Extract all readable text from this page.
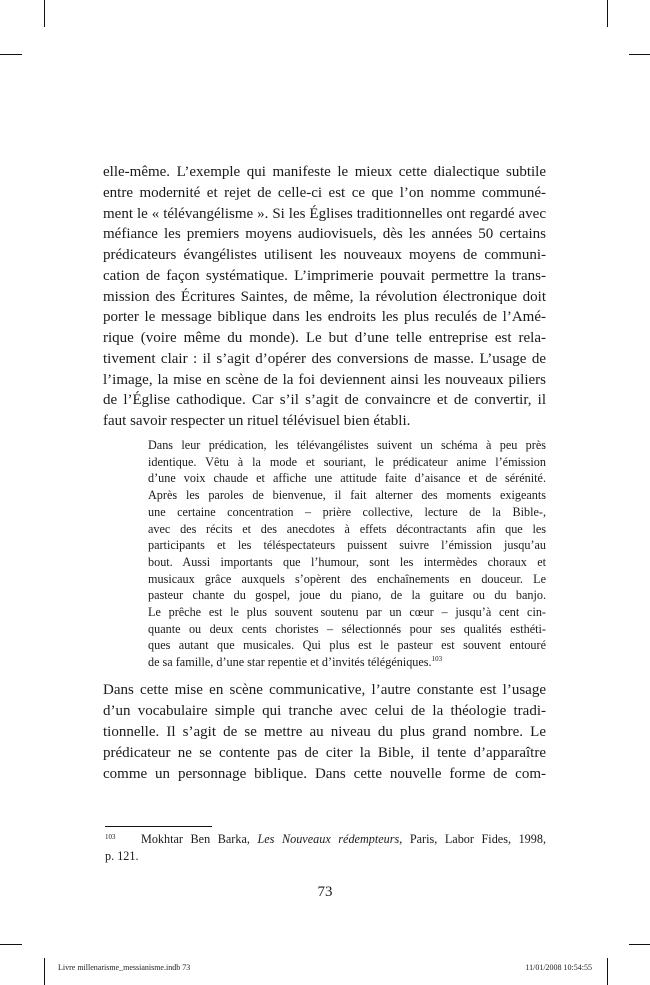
elle-même. L’exemple qui manifeste le mieux cette dialectique subtile
entre modernité et rejet de celle-ci est ce que l’on nomme communé-
ment le « télévangélisme ». Si les Églises traditionnelles ont regardé avec
méfiance les premiers moyens audiovisuels, dès les années 50 certains
prédicateurs évangélistes utilisent les nouveaux moyens de communi-
cation de façon systématique. L’imprimerie pouvait permettre la trans-
mission des Écritures Saintes, de même, la révolution électronique doit
porter le message biblique dans les endroits les plus reculés de l’Amé-
rique (voire même du monde). Le but d’une telle entreprise est rela-
tivement clair : il s’agit d’opérer des conversions de masse. L’usage de
l’image, la mise en scène de la foi deviennent ainsi les nouveaux piliers
de l’Église cathodique. Car s’il s’agit de convaincre et de convertir, il
faut savoir respecter un rituel télévisuel bien établi.
Dans leur prédication, les télévangélistes suivent un schéma à peu près
identique. Vêtu à la mode et souriant, le prédicateur anime l’émission
d’une voix chaude et affiche une attitude faite d’aisance et de sérénité.
Après les paroles de bienvenue, il fait alterner des moments exigeants
une certaine concentration – prière collective, lecture de la Bible-,
avec des récits et des anecdotes à effets décontractants afin que les
participants et les téléspectateurs puissent suivre l’émission jusqu’au
bout. Aussi importants que l’humour, sont les intermèdes choraux et
musicaux grâce auxquels s’opèrent des enchaînements en douceur. Le
pasteur chante du gospel, joue du piano, de la guitare ou du banjo.
Le prêche est le plus souvent soutenu par un cœur – jusqu’à cent cin-
quante ou deux cents choristes – sélectionnés pour ses qualités esthéti-
ques autant que musicales. Qui plus est le pasteur est souvent entouré
de sa famille, d’une star repentie et d’invités télégéniques.$^{103}$
Dans cette mise en scène communicative, l’autre constante est l’usage
d’un vocabulaire simple qui tranche avec celui de la théologie tradi-
tionnelle. Il s’agit de se mettre au niveau du plus grand nombre. Le
prédicateur ne se contente pas de citer la Bible, il tente d’apparaître
comme un personnage biblique. Dans cette nouvelle forme de com-
103 Mokhtar Ben Barka, Les Nouveaux rédempteurs, Paris, Labor Fides, 1998,
p. 121.
73
Livre millenarisme_messianisme.indb 73	11/01/2008 10:54:55
